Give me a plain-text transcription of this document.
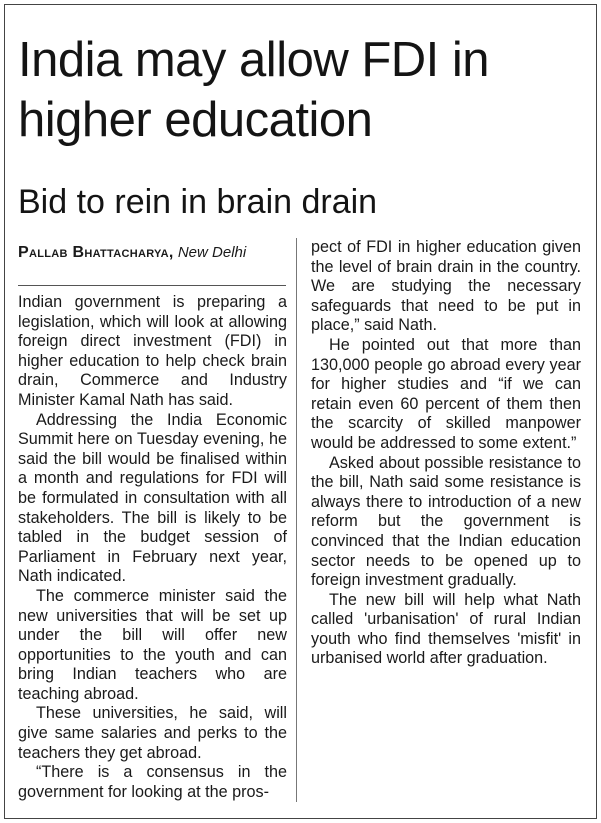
India may allow FDI in higher education
Bid to rein in brain drain
Pallab Bhattacharya, New Delhi

Indian government is preparing a legislation, which will look at allowing foreign direct investment (FDI) in higher education to help check brain drain, Commerce and Industry Minister Kamal Nath has said.

Addressing the India Economic Summit here on Tuesday evening, he said the bill would be finalised within a month and regulations for FDI will be formulated in consultation with all stakeholders. The bill is likely to be tabled in the budget session of Parliament in February next year, Nath indicated.

The commerce minister said the new universities that will be set up under the bill will offer new opportunities to the youth and can bring Indian teachers who are teaching abroad.

These universities, he said, will give same salaries and perks to the teachers they get abroad.

“There is a consensus in the government for looking at the pros-

pect of FDI in higher education given the level of brain drain in the country. We are studying the necessary safeguards that need to be put in place,” said Nath.

He pointed out that more than 130,000 people go abroad every year for higher studies and “if we can retain even 60 percent of them then the scarcity of skilled manpower would be addressed to some extent.”

Asked about possible resistance to the bill, Nath said some resistance is always there to introduction of a new reform but the government is convinced that the Indian education sector needs to be opened up to foreign investment gradually.

The new bill will help what Nath called 'urbanisation' of rural Indian youth who find themselves 'misfit' in urbanised world after graduation.
